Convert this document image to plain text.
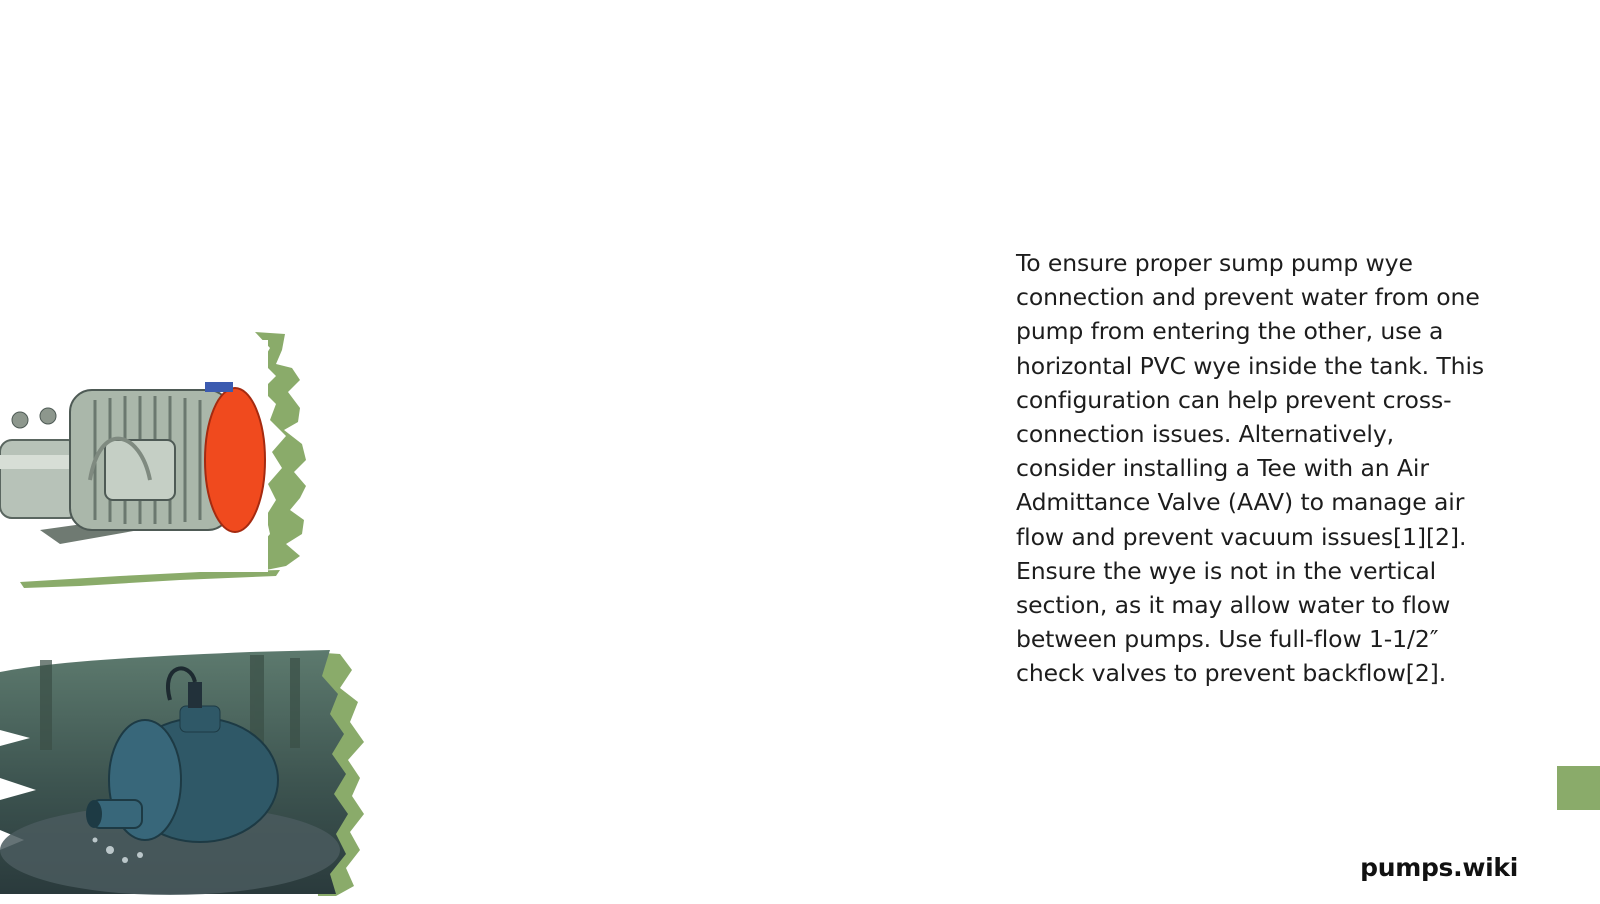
To ensure proper sump pump wye

connection and prevent water from one

pump from entering the other, use a

horizontal PVC wye inside the tank. This

configuration can help prevent cross-

connection issues. Alternatively,

consider installing a Tee with an Air

Admittance Valve (AAV) to manage air

flow and prevent vacuum issues[1][2].

Ensure the wye is not in the vertical

section, as it may allow water to flow

between pumps. Use full-flow 1-1/2″

check valves to prevent backflow[2].

pumps.wiki
